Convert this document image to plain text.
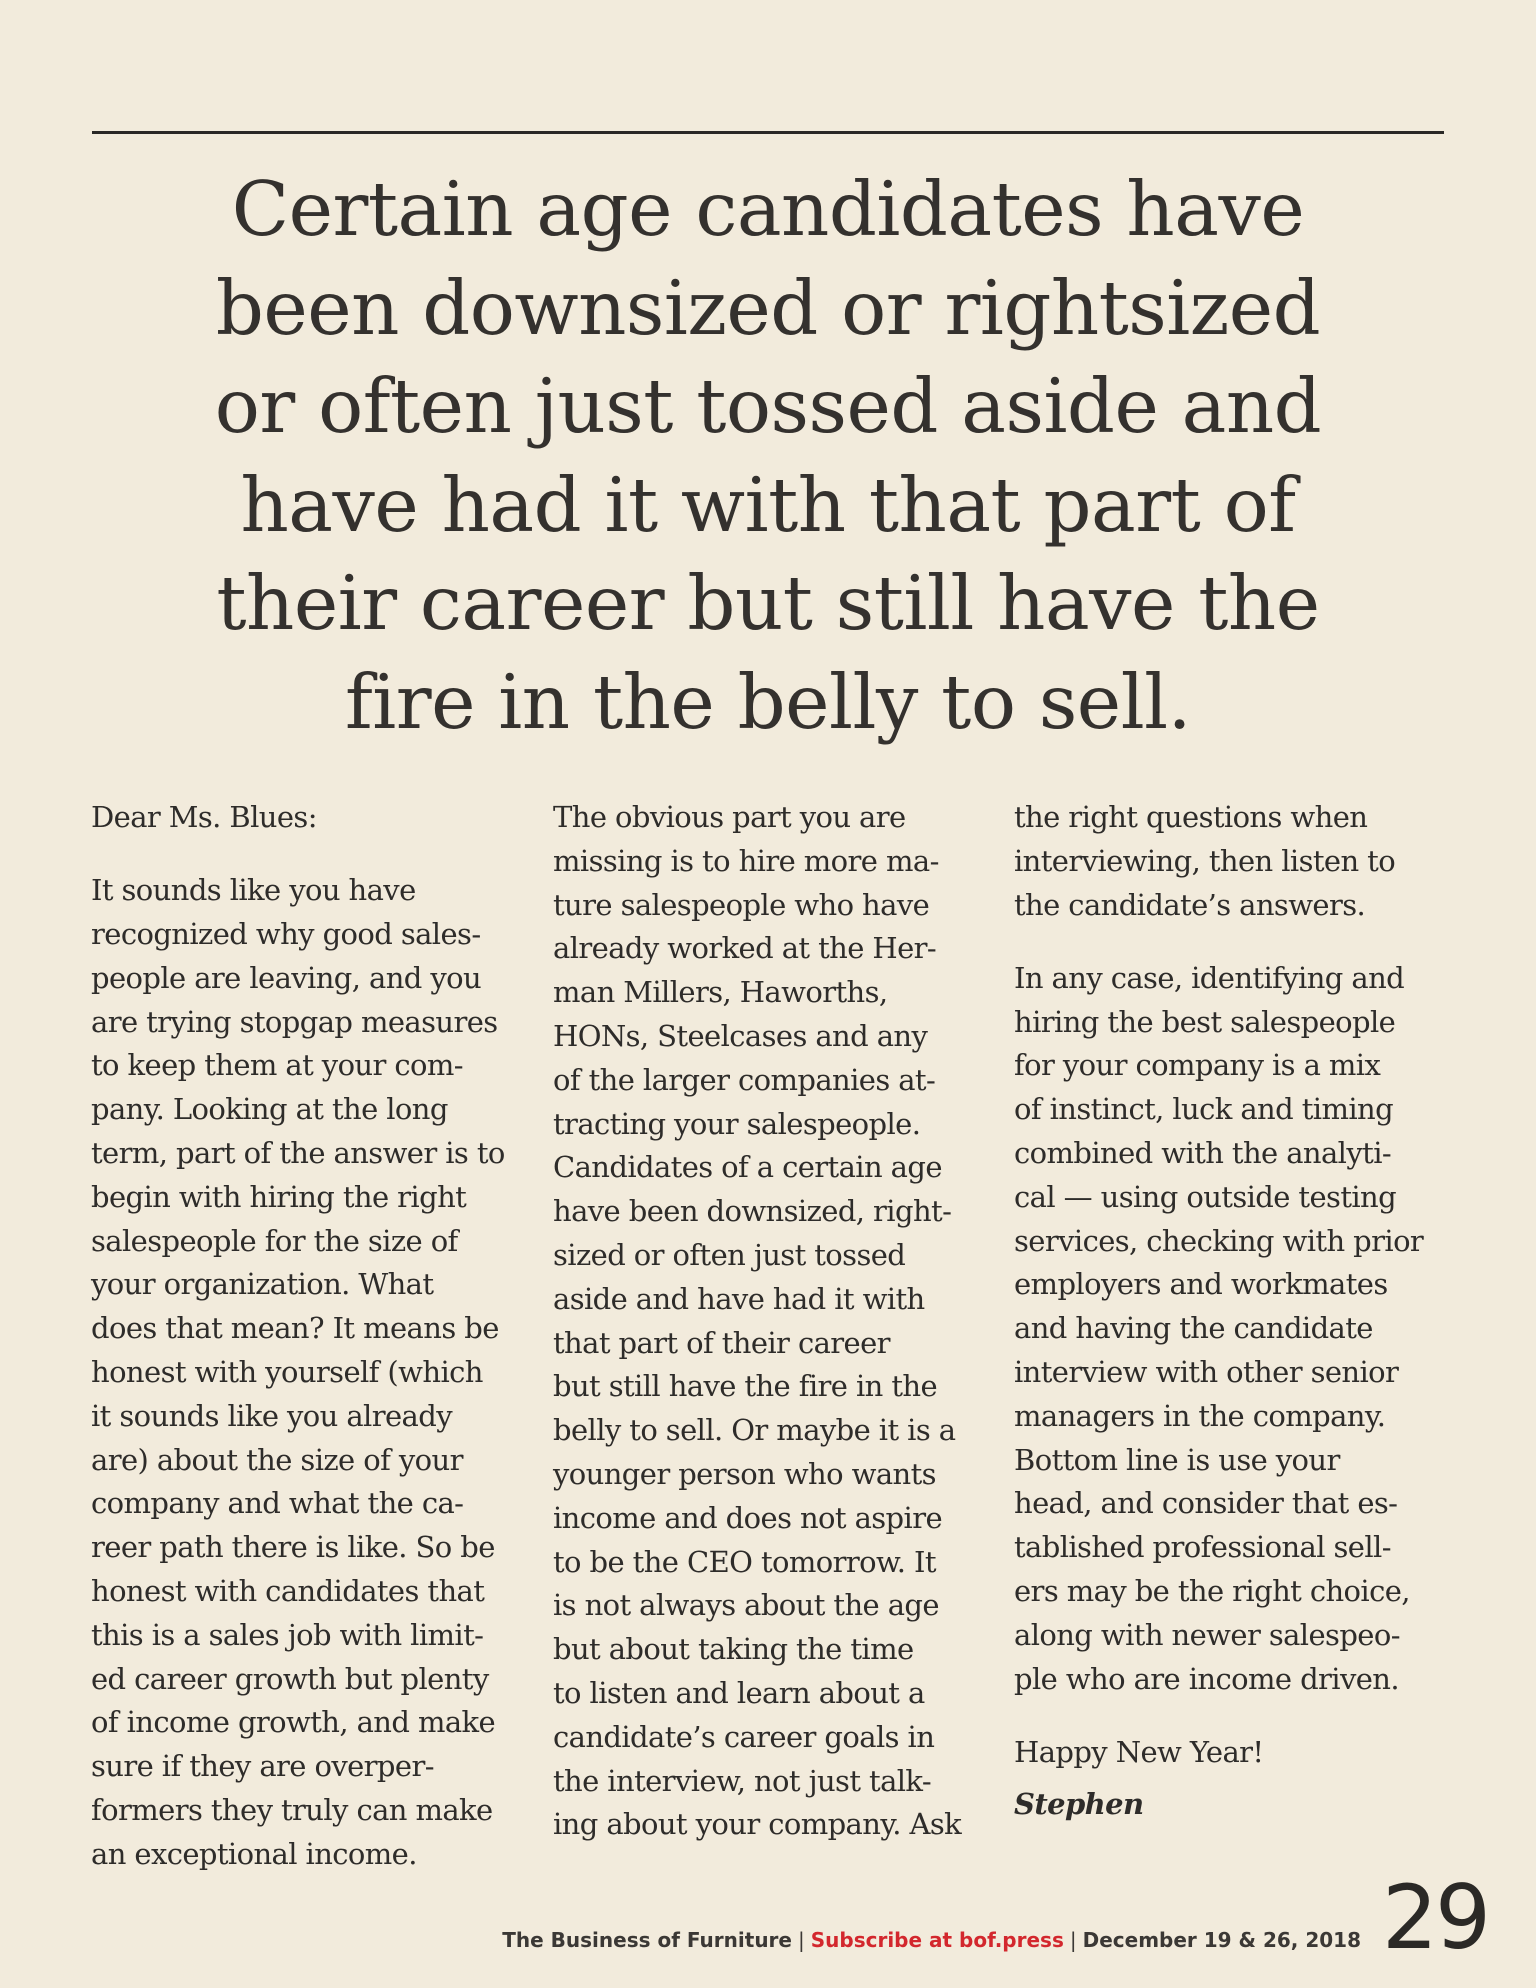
Certain age candidates have
been downsized or rightsized
or often just tossed aside and
have had it with that part of
their career but still have the
fire in the belly to sell.
Dear Ms. Blues:
It sounds like you have
recognized why good sales-
people are leaving, and you
are trying stopgap measures
to keep them at your com-
pany. Looking at the long
term, part of the answer is to
begin with hiring the right
salespeople for the size of
your organization. What
does that mean? It means be
honest with yourself (which
it sounds like you already
are) about the size of your
company and what the ca-
reer path there is like. So be
honest with candidates that
this is a sales job with limit-
ed career growth but plenty
of income growth, and make
sure if they are overper-
formers they truly can make
an exceptional income.
The obvious part you are
missing is to hire more ma-
ture salespeople who have
already worked at the Her-
man Millers, Haworths,
HONs, Steelcases and any
of the larger companies at-
tracting your salespeople.
Candidates of a certain age
have been downsized, right-
sized or often just tossed
aside and have had it with
that part of their career
but still have the fire in the
belly to sell. Or maybe it is a
younger person who wants
income and does not aspire
to be the CEO tomorrow. It
is not always about the age
but about taking the time
to listen and learn about a
candidate’s career goals in
the interview, not just talk-
ing about your company. Ask
the right questions when
interviewing, then listen to
the candidate’s answers.
In any case, identifying and
hiring the best salespeople
for your company is a mix
of instinct, luck and timing
combined with the analyti-
cal — using outside testing
services, checking with prior
employers and workmates
and having the candidate
interview with other senior
managers in the company.
Bottom line is use your
head, and consider that es-
tablished professional sell-
ers may be the right choice,
along with newer salespeo-
ple who are income driven.
Happy New Year!
Stephen
The Business of Furniture | Subscribe at bof.press | December 19 & 26, 2018 29
